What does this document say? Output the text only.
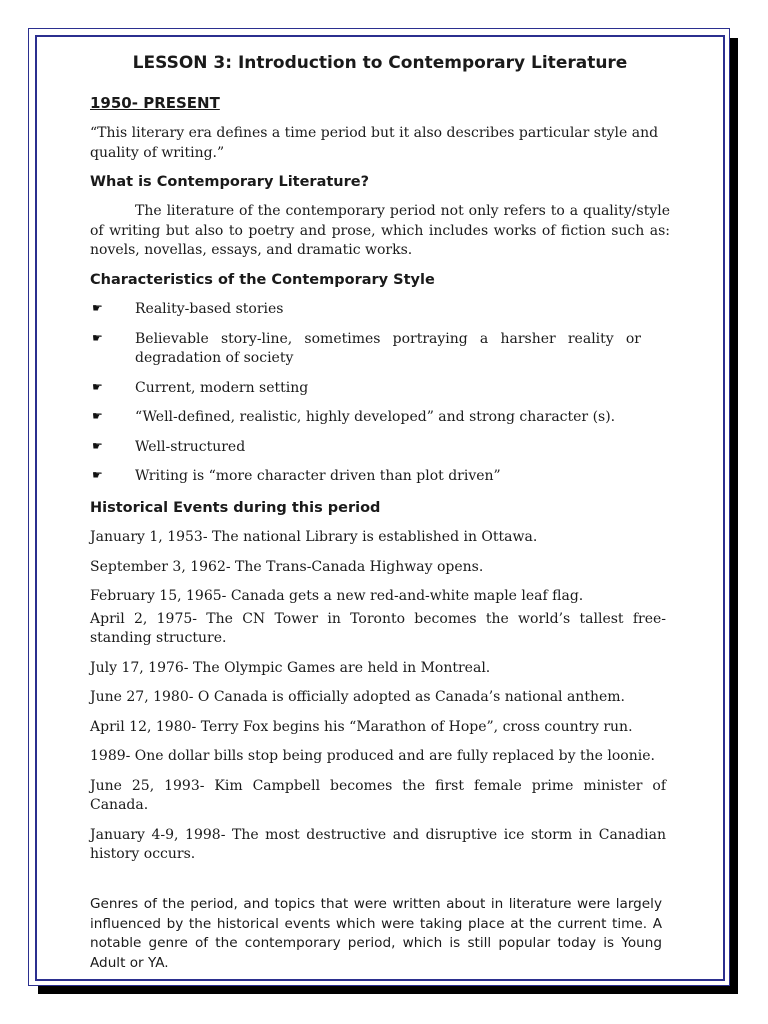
LESSON 3: Introduction to Contemporary Literature

1950- PRESENT

“This literary era defines a time period but it also describes particular style and quality of writing.”

What is Contemporary Literature?

The literature of the contemporary period not only refers to a quality/style of writing but also to poetry and prose, which includes works of fiction such as: novels, novellas, essays, and dramatic works.

Characteristics of the Contemporary Style

☛ Reality-based stories
☛ Believable story-line, sometimes portraying a harsher reality or degradation of society
☛ Current, modern setting
☛ “Well-defined, realistic, highly developed” and strong character (s).
☛ Well-structured
☛ Writing is “more character driven than plot driven”

Historical Events during this period

January 1, 1953- The national Library is established in Ottawa.
September 3, 1962- The Trans-Canada Highway opens.
February 15, 1965- Canada gets a new red-and-white maple leaf flag.
April 2, 1975- The CN Tower in Toronto becomes the world’s tallest free-standing structure.
July 17, 1976- The Olympic Games are held in Montreal.
June 27, 1980- O Canada is officially adopted as Canada’s national anthem.
April 12, 1980- Terry Fox begins his “Marathon of Hope”, cross country run.
1989- One dollar bills stop being produced and are fully replaced by the loonie.
June 25, 1993- Kim Campbell becomes the first female prime minister of Canada.
January 4-9, 1998- The most destructive and disruptive ice storm in Canadian history occurs.

Genres of the period, and topics that were written about in literature were largely influenced by the historical events which were taking place at the current time. A notable genre of the contemporary period, which is still popular today is Young Adult or YA.
